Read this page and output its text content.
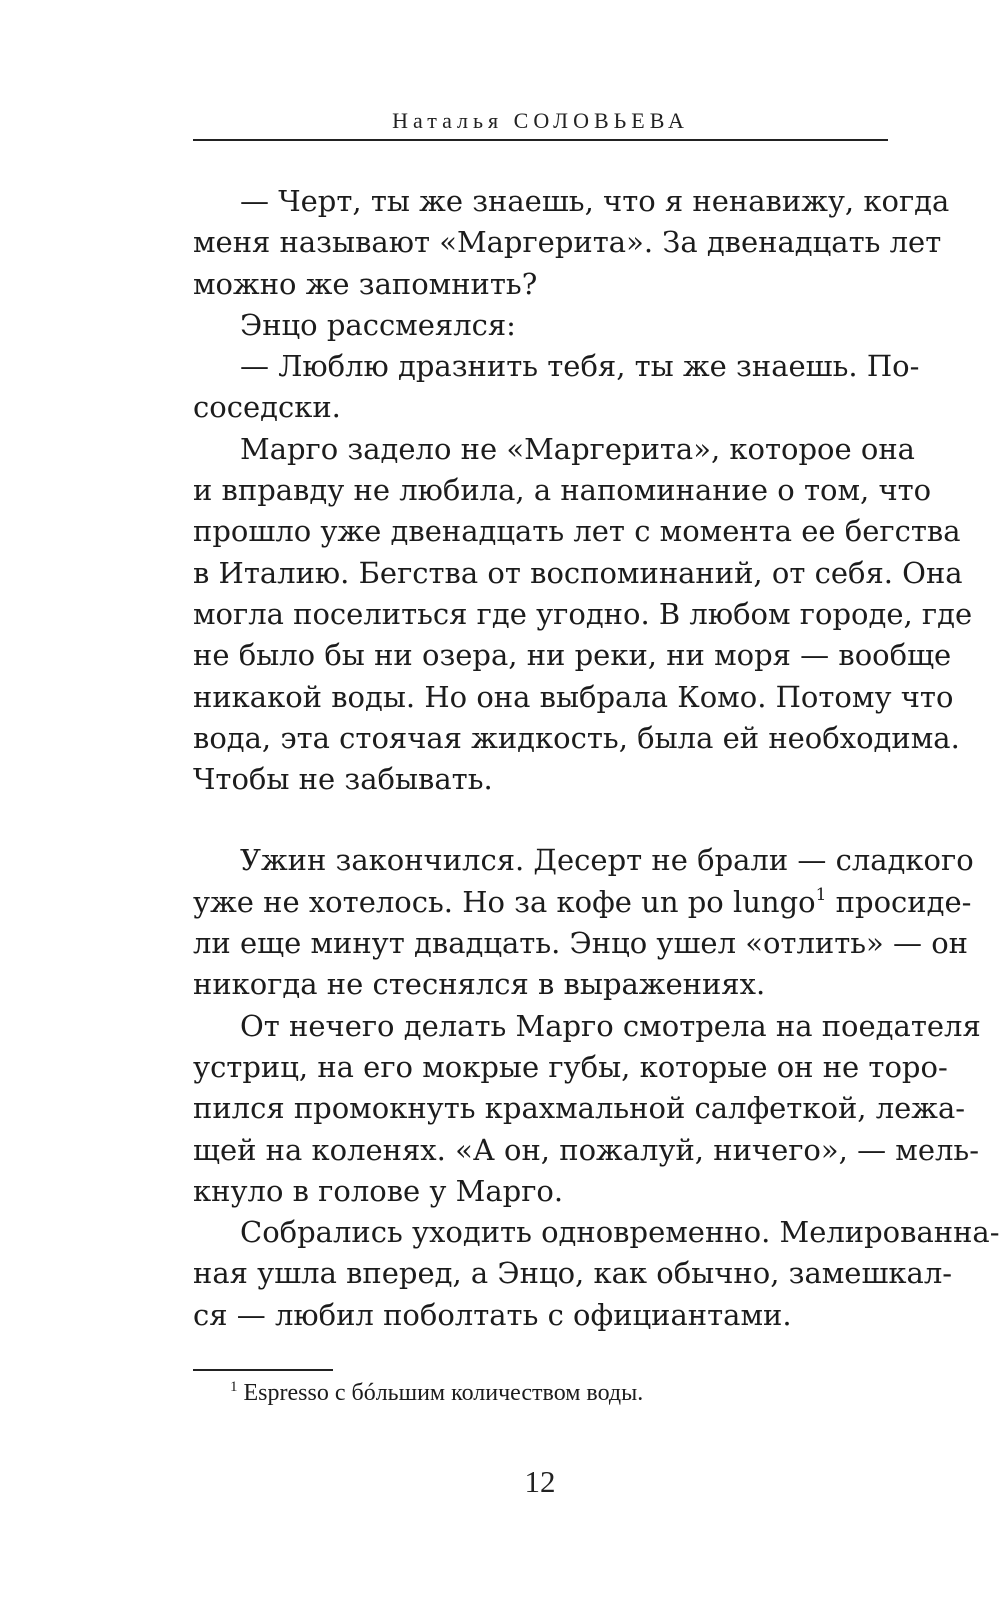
Наталья СОЛОВЬЕВА
— Черт, ты же знаешь, что я ненавижу, когда
меня называют «Маргерита». За двенадцать лет
можно же запомнить?
Энцо рассмеялся:
— Люблю дразнить тебя, ты же знаешь. По-
соседски.
Марго задело не «Маргерита», которое она
и вправду не любила, а напоминание о том, что
прошло уже двенадцать лет с момента ее бегства
в Италию. Бегства от воспоминаний, от себя. Она
могла поселиться где угодно. В любом городе, где
не было бы ни озера, ни реки, ни моря — вообще
никакой воды. Но она выбрала Комо. Потому что
вода, эта стоячая жидкость, была ей необходима.
Чтобы не забывать.
Ужин закончился. Десерт не брали — сладкого
уже не хотелось. Но за кофе un po lungo$^1$ просиде-
ли еще минут двадцать. Энцо ушел «отлить» — он
никогда не стеснялся в выражениях.
От нечего делать Марго смотрела на поедателя
устриц, на его мокрые губы, которые он не торо-
пился промокнуть крахмальной салфеткой, лежа-
щей на коленях. «А он, пожалуй, ничего», — мель-
кнуло в голове у Марго.
Собрались уходить одновременно. Мелированна-
ная ушла вперед, а Энцо, как обычно, замешкал-
ся — любил поболтать с официантами.
$^1$ Espresso с бóльшим количеством воды.
12
